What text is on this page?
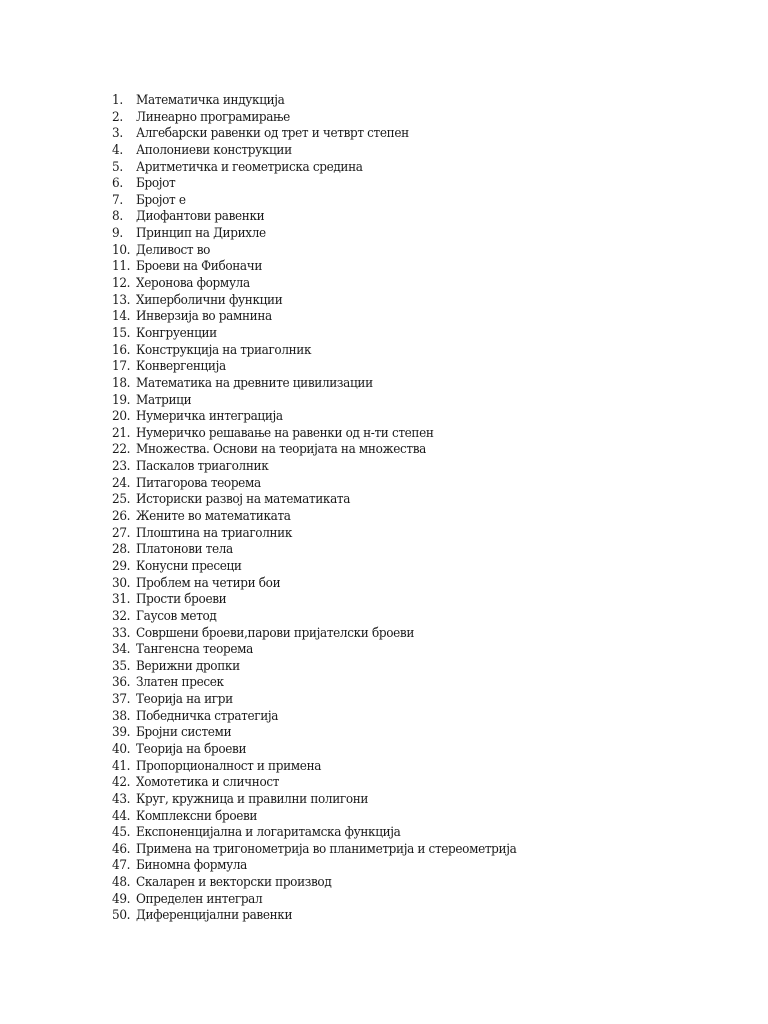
1. Математичка индукција
2. Линеарно програмирање
3. Алгебарски равенки од трет и четврт степен
4. Аполониеви конструкции
5. Аритметичка и геометриска средина
6. Бројот
7. Бројот е
8. Диофантови равенки
9. Принцип на Дирихле
10. Деливост во
11. Броеви на Фибоначи
12. Херонова формула
13. Хиперболични функции
14. Инверзија во рамнина
15. Конгруенции
16. Конструкција на триаголник
17. Конвергенција
18. Математика на древните цивилизации
19. Матрици
20. Нумеричка интеграција
21. Нумеричко решавање на равенки од н-ти степен
22. Множества. Основи на теоријата на множества
23. Паскалов триаголник
24. Питагорова теорема
25. Историски развој на математиката
26. Жените во математиката
27. Плоштина на триаголник
28. Платонови тела
29. Конусни пресеци
30. Проблем на четири бои
31. Прости броеви
32. Гаусов метод
33. Совршени броеви,парови пријателски броеви
34. Тангенсна теорема
35. Верижни дропки
36. Златен пресек
37. Теорија на игри
38. Победничка стратегија
39. Бројни системи
40. Теорија на броеви
41. Пропорционалност и примена
42. Хомотетика и сличност
43. Круг, кружница и правилни полигони
44. Комплексни броеви
45. Експоненцијална и логаритамска функција
46. Примена на тригонометрија во планиметрија и стереометрија
47. Биномна формула
48. Скаларен и векторски производ
49. Определен интеграл
50. Диференцијални равенки
